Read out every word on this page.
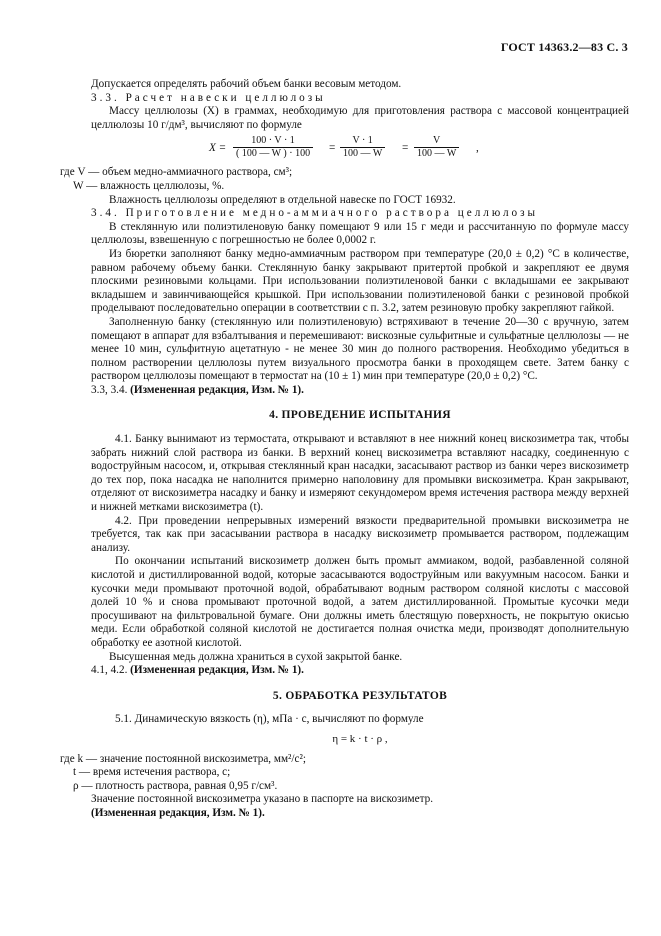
ГОСТ 14363.2—83 С. 3

Допускается определять рабочий объем банки весовым методом.

3.3. Расчет навески целлюлозы

Массу целлюлозы (X) в граммах, необходимую для приготовления раствора с массовой концентрацией целлюлозы 10 г/дм³, вычисляют по формуле

X =
100 · V · 1
( 100 — W ) · 100 =
V · 1
100 — W =
V
100 — W ,

где V — объем медно-аммиачного раствора, см³;

W — влажность целлюлозы, %.

Влажность целлюлозы определяют в отдельной навеске по ГОСТ 16932.

3.4. Приготовление медно-аммиачного раствора целлюлозы

В стеклянную или полиэтиленовую банку помещают 9 или 15 г меди и рассчитанную по формуле массу целлюлозы, взвешенную с погрешностью не более 0,0002 г.

Из бюретки заполняют банку медно-аммиачным раствором при температуре (20,0 ± 0,2) °С в количестве, равном рабочему объему банки. Стеклянную банку закрывают притертой пробкой и закрепляют ее двумя плоскими резиновыми кольцами. При использовании полиэтиленовой банки с вкладышами ее закрывают вкладышем и завинчивающейся крышкой. При использовании полиэтиленовой банки с резиновой пробкой проделывают последовательно операции в соответствии с п. 3.2, затем резиновую пробку закрепляют гайкой.

Заполненную банку (стеклянную или полиэтиленовую) встряхивают в течение 20—30 с вручную, затем помещают в аппарат для взбалтывания и перемешивают: вискозные сульфитные и сульфатные целлюлозы — не менее 10 мин, сульфитную ацетатную - не менее 30 мин до полного растворения. Необходимо убедиться в полном растворении целлюлозы путем визуального просмотра банки в проходящем свете. Затем банку с раствором целлюлозы помещают в термостат на (10 ± 1) мин при температуре (20,0 ± 0,2) °С.

3.3, 3.4. (Измененная редакция, Изм. № 1).

4. ПРОВЕДЕНИЕ ИСПЫТАНИЯ

4.1. Банку вынимают из термостата, открывают и вставляют в нее нижний конец вискозиметра так, чтобы забрать нижний слой раствора из банки. В верхний конец вискозиметра вставляют насадку, соединенную с водоструйным насосом, и, открывая стеклянный кран насадки, засасывают раствор из банки через вискозиметр до тех пор, пока насадка не наполнится примерно наполовину для промывки вискозиметра. Кран закрывают, отделяют от вискозиметра насадку и банку и измеряют секундомером время истечения раствора между верхней и нижней метками вискозиметра (t).

4.2. При проведении непрерывных измерений вязкости предварительной промывки вискозиметра не требуется, так как при засасывании раствора в насадку вискозиметр промывается раствором, подлежащим анализу.

По окончании испытаний вискозиметр должен быть промыт аммиаком, водой, разбавленной соляной кислотой и дистиллированной водой, которые засасываются водоструйным или вакуумным насосом. Банки и кусочки меди промывают проточной водой, обрабатывают водным раствором соляной кислоты с массовой долей 10 % и снова промывают проточной водой, а затем дистиллированной. Промытые кусочки меди просушивают на фильтровальной бумаге. Они должны иметь блестящую поверхность, не покрытую окисью меди. Если обработкой соляной кислотой не достигается полная очистка меди, производят дополнительную обработку ее азотной кислотой.

Высушенная медь должна храниться в сухой закрытой банке.

4.1, 4.2. (Измененная редакция, Изм. № 1).

5. ОБРАБОТКА РЕЗУЛЬТАТОВ

5.1. Динамическую вязкость (η), мПа · с, вычисляют по формуле

η = k · t · ρ ,

где k — значение постоянной вискозиметра, мм²/с²;

t — время истечения раствора, с;

ρ — плотность раствора, равная 0,95 г/см³.

Значение постоянной вискозиметра указано в паспорте на вискозиметр.

(Измененная редакция, Изм. № 1).
